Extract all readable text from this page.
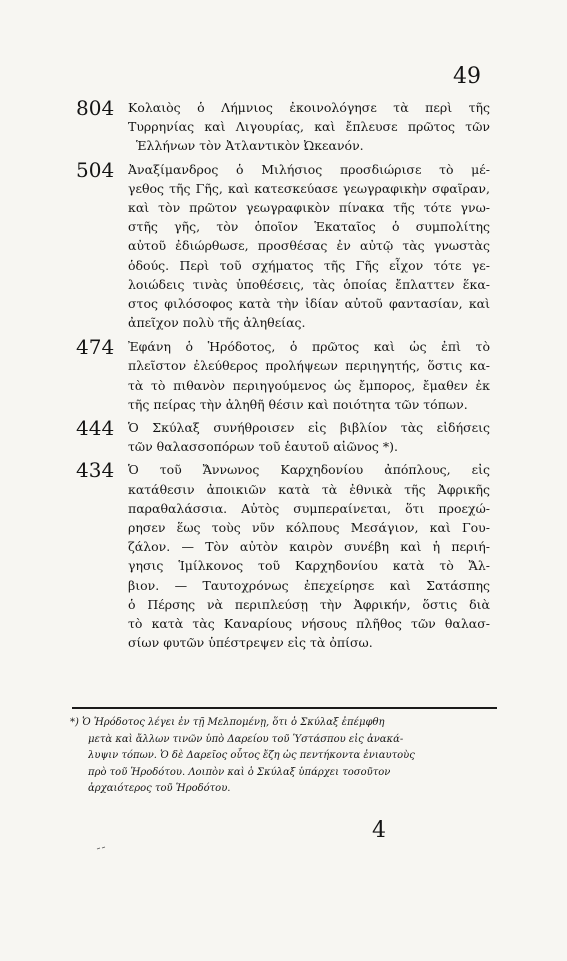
49
804	Κολαιὸς ὁ Λήμνιος ἐκοινολόγησε τὰ περὶ τῆς
Τυρρηνίας καὶ Λιγουρίας, καὶ ἔπλευσε πρῶτος τῶν
Ἑλλήνων τὸν Ἀτλαντικὸν Ὠκεανόν.
504	Ἀναξίμανδρος ὁ Μιλήσιος προσδιώρισε τὸ μέ-
γεθος τῆς Γῆς, καὶ κατεσκεύασε γεωγραφικὴν σφαῖραν,
καὶ τὸν πρῶτον γεωγραφικὸν πίνακα τῆς τότε γνω-
στῆς γῆς, τὸν ὁποῖον Ἑκαταῖος ὁ συμπολίτης
αὐτοῦ ἐδιώρθωσε, προσθέσας ἐν αὐτῷ τὰς γνωστὰς
ὁδούς. Περὶ τοῦ σχήματος τῆς Γῆς εἶχον τότε γε-
λοιώδεις τινὰς ὑποθέσεις, τὰς ὁποίας ἔπλαττεν ἕκα-
στος φιλόσοφος κατὰ τὴν ἰδίαν αὐτοῦ φαντασίαν, καὶ
ἀπεῖχον πολὺ τῆς ἀληθείας.
474	Ἐφάνη ὁ Ἡρόδοτος, ὁ πρῶτος καὶ ὡς ἐπὶ τὸ
πλεῖστον ἐλεύθερος προλήψεων περιηγητής, ὅστις κα-
τὰ τὸ πιθανὸν περιηγούμενος ὡς ἔμπορος, ἔμαθεν ἐκ
τῆς πείρας τὴν ἀληθῆ θέσιν καὶ ποιότητα τῶν τόπων.
444	Ὁ Σκύλαξ συνήθροισεν εἰς βιβλίον τὰς εἰδήσεις
τῶν θαλασσοπόρων τοῦ ἑαυτοῦ αἰῶνος *).
434	Ὁ τοῦ Ἄννωνος Καρχηδονίου ἀπόπλους, εἰς
κατάθεσιν ἀποικιῶν κατὰ τὰ ἐθνικὰ τῆς Ἀφρικῆς
παραθαλάσσια. Αὐτὸς συμπεραίνεται, ὅτι προεχώ-
ρησεν ἕως τοὺς νῦν κόλπους Μεσάγιον, καὶ Γου-
ζάλον. — Τὸν αὐτὸν καιρὸν συνέβη καὶ ἡ περιή-
γησις Ἱμίλκονος τοῦ Καρχηδονίου κατὰ τὸ Ἄλ-
βιον. — Ταυτοχρόνως ἐπεχείρησε καὶ Σατάσπης
ὁ Πέρσης νὰ περιπλεύσῃ τὴν Ἀφρικήν, ὅστις διὰ
τὸ κατὰ τὰς Καναρίους νήσους πλῆθος τῶν θαλασ-
σίων φυτῶν ὑπέστρεψεν εἰς τὰ ὀπίσω.
*) Ὁ Ἡρόδοτος λέγει ἐν τῇ Μελπομένῃ, ὅτι ὁ Σκύλαξ ἐπέμφθη
μετὰ καὶ ἄλλων τινῶν ὑπὸ Δαρείου τοῦ Ὑστάσπου εἰς ἀνακά-
λυψιν τόπων. Ὁ δὲ Δαρεῖος οὗτος ἔζη ὡς πεντήκοντα ἐνιαυτοὺς
πρὸ τοῦ Ἡροδότου. Λοιπὸν καὶ ὁ Σκύλαξ ὑπάρχει τοσοῦτον
ἀρχαιότερος τοῦ Ἡροδότου.
4
